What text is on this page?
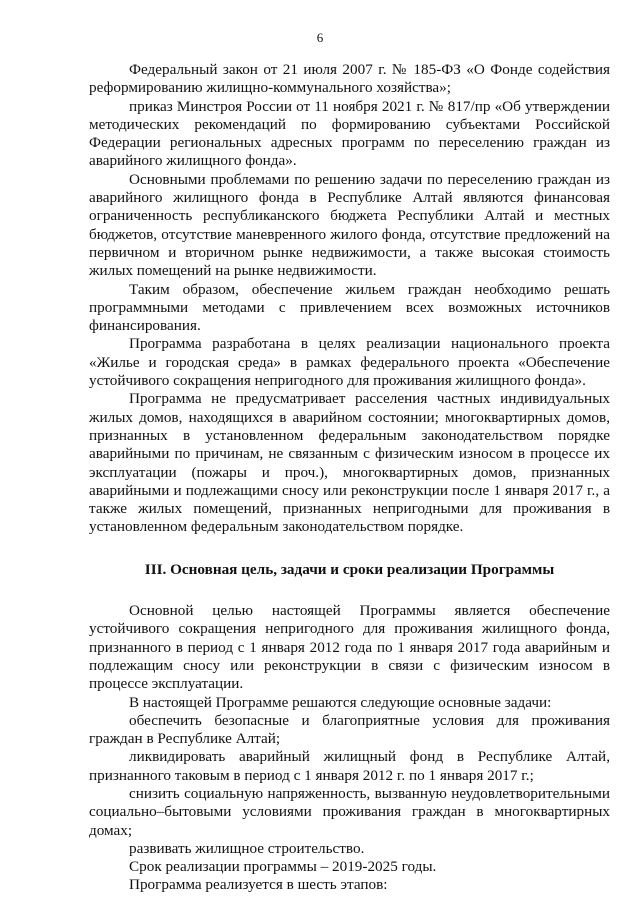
6

Федеральный закон от 21 июля 2007 г. № 185-ФЗ «О Фонде содействия реформированию жилищно-коммунального хозяйства»;

приказ Минстроя России от 11 ноября 2021 г. № 817/пр «Об утверждении методических рекомендаций по формированию субъектами Российской Федерации региональных адресных программ по переселению граждан из аварийного жилищного фонда».

Основными проблемами по решению задачи по переселению граждан из аварийного жилищного фонда в Республике Алтай являются финансовая ограниченность республиканского бюджета Республики Алтай и местных бюджетов, отсутствие маневренного жилого фонда, отсутствие предложений на первичном и вторичном рынке недвижимости, а также высокая стоимость жилых помещений на рынке недвижимости.

Таким образом, обеспечение жильем граждан необходимо решать программными методами с привлечением всех возможных источников финансирования.

Программа разработана в целях реализации национального проекта «Жилье и городская среда» в рамках федерального проекта «Обеспечение устойчивого сокращения непригодного для проживания жилищного фонда».

Программа не предусматривает расселения частных индивидуальных жилых домов, находящихся в аварийном состоянии; многоквартирных домов, признанных в установленном федеральным законодательством порядке аварийными по причинам, не связанным с физическим износом в процессе их эксплуатации (пожары и проч.), многоквартирных домов, признанных аварийными и подлежащими сносу или реконструкции после 1 января 2017 г., а также жилых помещений, признанных непригодными для проживания в установленном федеральным законодательством порядке.

III. Основная цель, задачи и сроки реализации Программы

Основной целью настоящей Программы является обеспечение устойчивого сокращения непригодного для проживания жилищного фонда, признанного в период с 1 января 2012 года по 1 января 2017 года аварийным и подлежащим сносу или реконструкции в связи с физическим износом в процессе эксплуатации.

В настоящей Программе решаются следующие основные задачи:

обеспечить безопасные и благоприятные условия для проживания граждан в Республике Алтай;

ликвидировать аварийный жилищный фонд в Республике Алтай, признанного таковым в период с 1 января 2012 г. по 1 января 2017 г.;

снизить социальную напряженность, вызванную неудовлетворительными социально–бытовыми условиями проживания граждан в многоквартирных домах;

развивать жилищное строительство.

Срок реализации программы – 2019-2025 годы.

Программа реализуется в шесть этапов:
